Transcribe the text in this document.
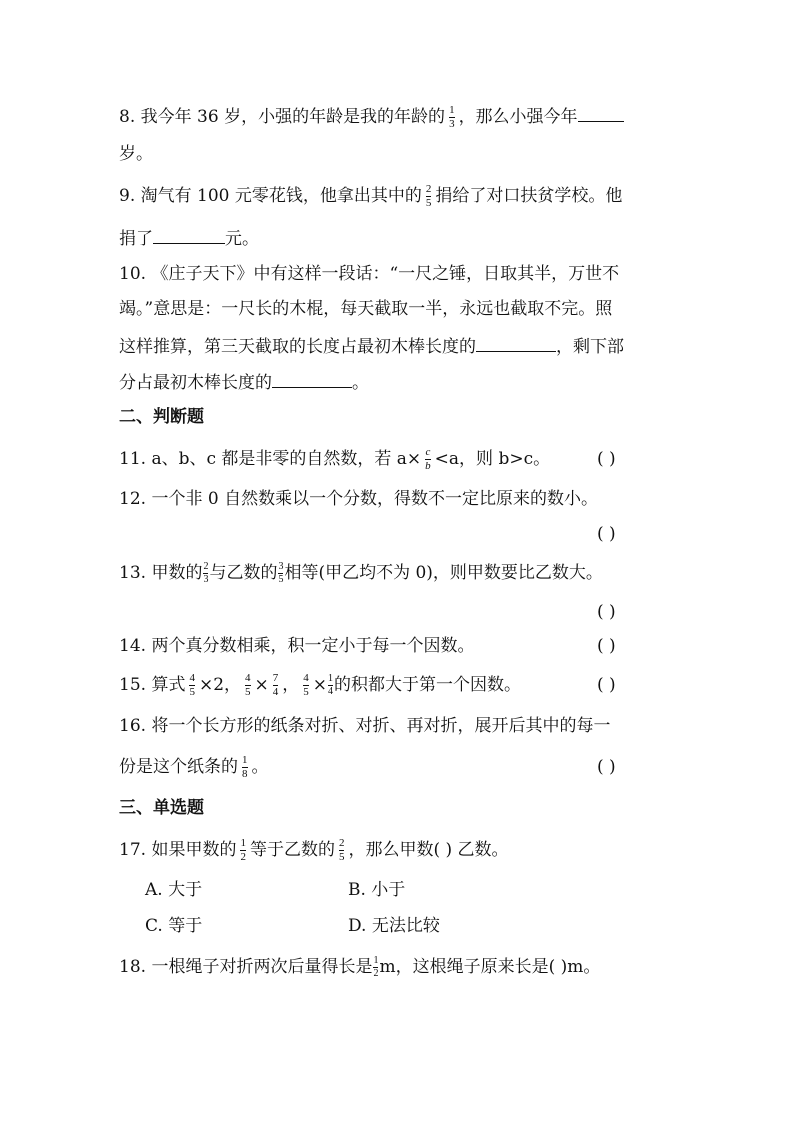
8. 我今年 36 岁，小强的年龄是我的年龄的 $\frac{1}{3}$ ，那么小强今年
岁。
9. 淘气有 100 元零花钱，他拿出其中的 $\frac{2}{5}$ 捐给了对口扶贫学校。他
捐了	元。
10. 《庄子天下》中有这样一段话：“一尺之锤，日取其半，万世不
竭。”意思是：一尺长的木棍，每天截取一半，永远也截取不完。照
这样推算，第三天截取的长度占最初木棒长度的	，剩下部
分占最初木棒长度的	。
二、判断题
11. a、b、c 都是非零的自然数，若 $a\times \frac{c}{b} <a$，则 b>c。	( )
12. 一个非 0 自然数乘以一个分数，得数不一定比原来的数小。
( )
13. 甲数的 $\frac{2}{3}$ 与乙数的 $\frac{3}{5}$ 相等(甲乙均不为 0)，则甲数要比乙数大。
( )
14. 两个真分数相乘，积一定小于每一个因数。	( )
15. 算式 $\frac{4}{5} \times 2$， $\frac{4}{5} \times \frac{7}{4}$ ， $\frac{4}{5} \times \frac{1}{4}$ 的积都大于第一个因数。	( )
16. 将一个长方形的纸条对折、对折、再对折，展开后其中的每一
份是这个纸条的 $\frac{1}{8}$ 。	( )
三、单选题
17. 如果甲数的 $\frac{1}{2}$ 等于乙数的 $\frac{2}{5}$ ，那么甲数( ) 乙数。
A. 大于	B. 小于
C. 等于	D. 无法比较
18. 一根绳子对折两次后量得长是 $\frac{1}{2}$ m，这根绳子原来长是( )m。
